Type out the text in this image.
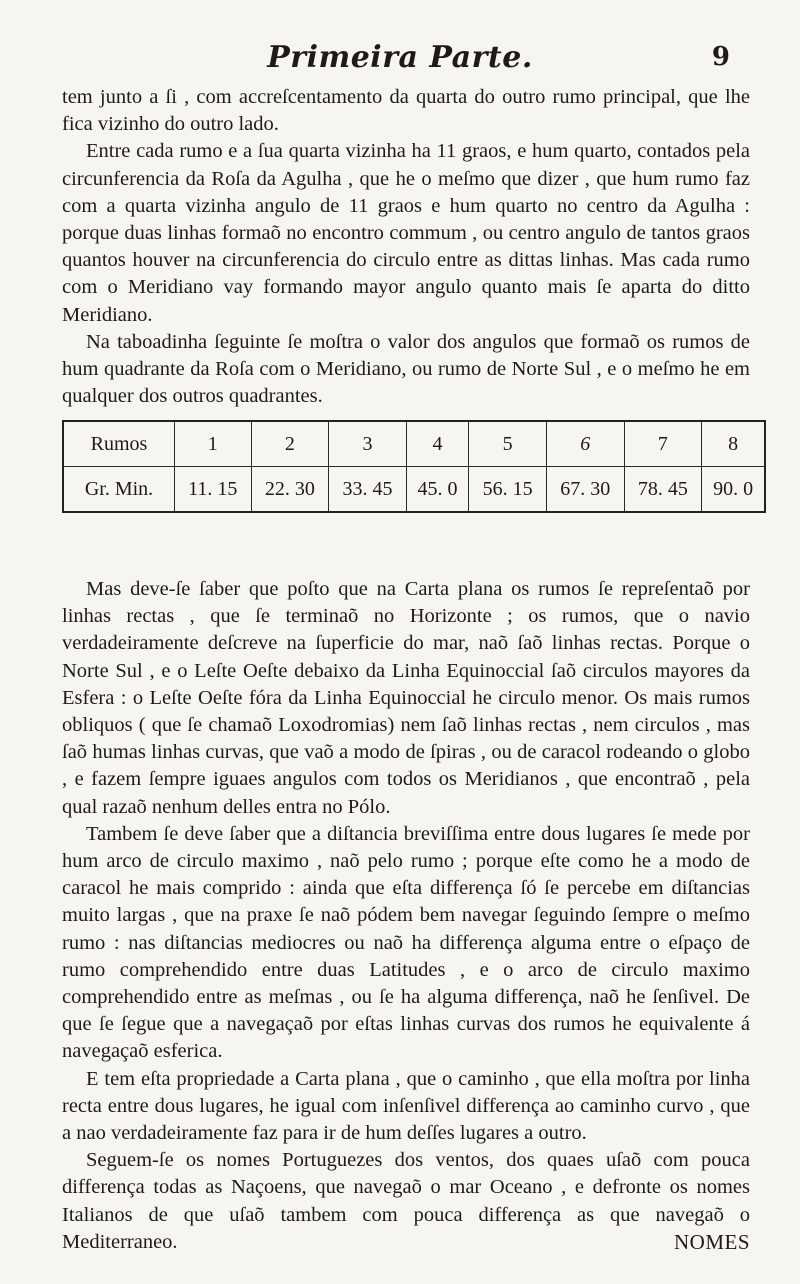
Primeira Parte.	9

tem junto a ſi , com accreſcentamento da quarta do outro rumo principal, que lhe fica vizinho do outro lado.

Entre cada rumo e a ſua quarta vizinha ha 11 graos, e hum quarto, contados pela circunferencia da Roſa da Agulha , que he o meſmo que dizer , que hum rumo faz com a quarta vizinha angulo de 11 graos e hum quarto no centro da Agulha : porque duas linhas formaõ no encontro commum , ou centro angulo de tantos graos quantos houver na circunferencia do circulo entre as dittas linhas. Mas cada rumo com o Meridiano vay formando mayor angulo quanto mais ſe aparta do ditto Meridiano.

Na taboadinha ſeguinte ſe moſtra o valor dos angulos que formaõ os rumos de hum quadrante da Roſa com o Meridiano, ou rumo de Norte Sul , e o meſmo he em qualquer dos outros quadrantes.

Rumos	1	2	3	4	5	6	7	8
Gr. Min.	11. 15	22. 30	33. 45	45. 0	56. 15	67. 30	78. 45	90. 0

Mas deve-ſe ſaber que poſto que na Carta plana os rumos ſe repreſentaõ por linhas rectas , que ſe terminaõ no Horizonte ; os rumos, que o navio verdadeiramente deſcreve na ſuperficie do mar, naõ ſaõ linhas rectas. Porque o Norte Sul , e o Leſte Oeſte debaixo da Linha Equinoccial ſaõ circulos mayores da Esfera : o Leſte Oeſte fóra da Linha Equinoccial he circulo menor. Os mais rumos obliquos ( que ſe chamaõ Loxodromias) nem ſaõ linhas rectas , nem circulos , mas ſaõ humas linhas curvas, que vaõ a modo de ſpiras , ou de caracol rodeando o globo , e fazem ſempre iguaes angulos com todos os Meridianos , que encontraõ , pela qual razaõ nenhum delles entra no Pólo.

Tambem ſe deve ſaber que a diſtancia breviſſima entre dous lugares ſe mede por hum arco de circulo maximo , naõ pelo rumo ; porque eſte como he a modo de caracol he mais comprido : ainda que eſta differença ſó ſe percebe em diſtancias muito largas , que na praxe ſe naõ pódem bem navegar ſeguindo ſempre o meſmo rumo : nas diſtancias mediocres ou naõ ha differença alguma entre o eſpaço de rumo comprehendido entre duas Latitudes , e o arco de circulo maximo comprehendido entre as meſmas , ou ſe ha alguma differença, naõ he ſenſivel. De que ſe ſegue que a navegaçaõ por eſtas linhas curvas dos rumos he equivalente á navegaçaõ esferica.

E tem eſta propriedade a Carta plana , que o caminho , que ella moſtra por linha recta entre dous lugares, he igual com inſenſivel differença ao caminho curvo , que a nao verdadeiramente faz para ir de hum deſſes lugares a outro.

Seguem-ſe os nomes Portuguezes dos ventos, dos quaes uſaõ com pouca differença todas as Naçoens, que navegaõ o mar Oceano , e defronte os nomes Italianos de que uſaõ tambem com pouca differença as que navegaõ o Mediterraneo.	NOMES
